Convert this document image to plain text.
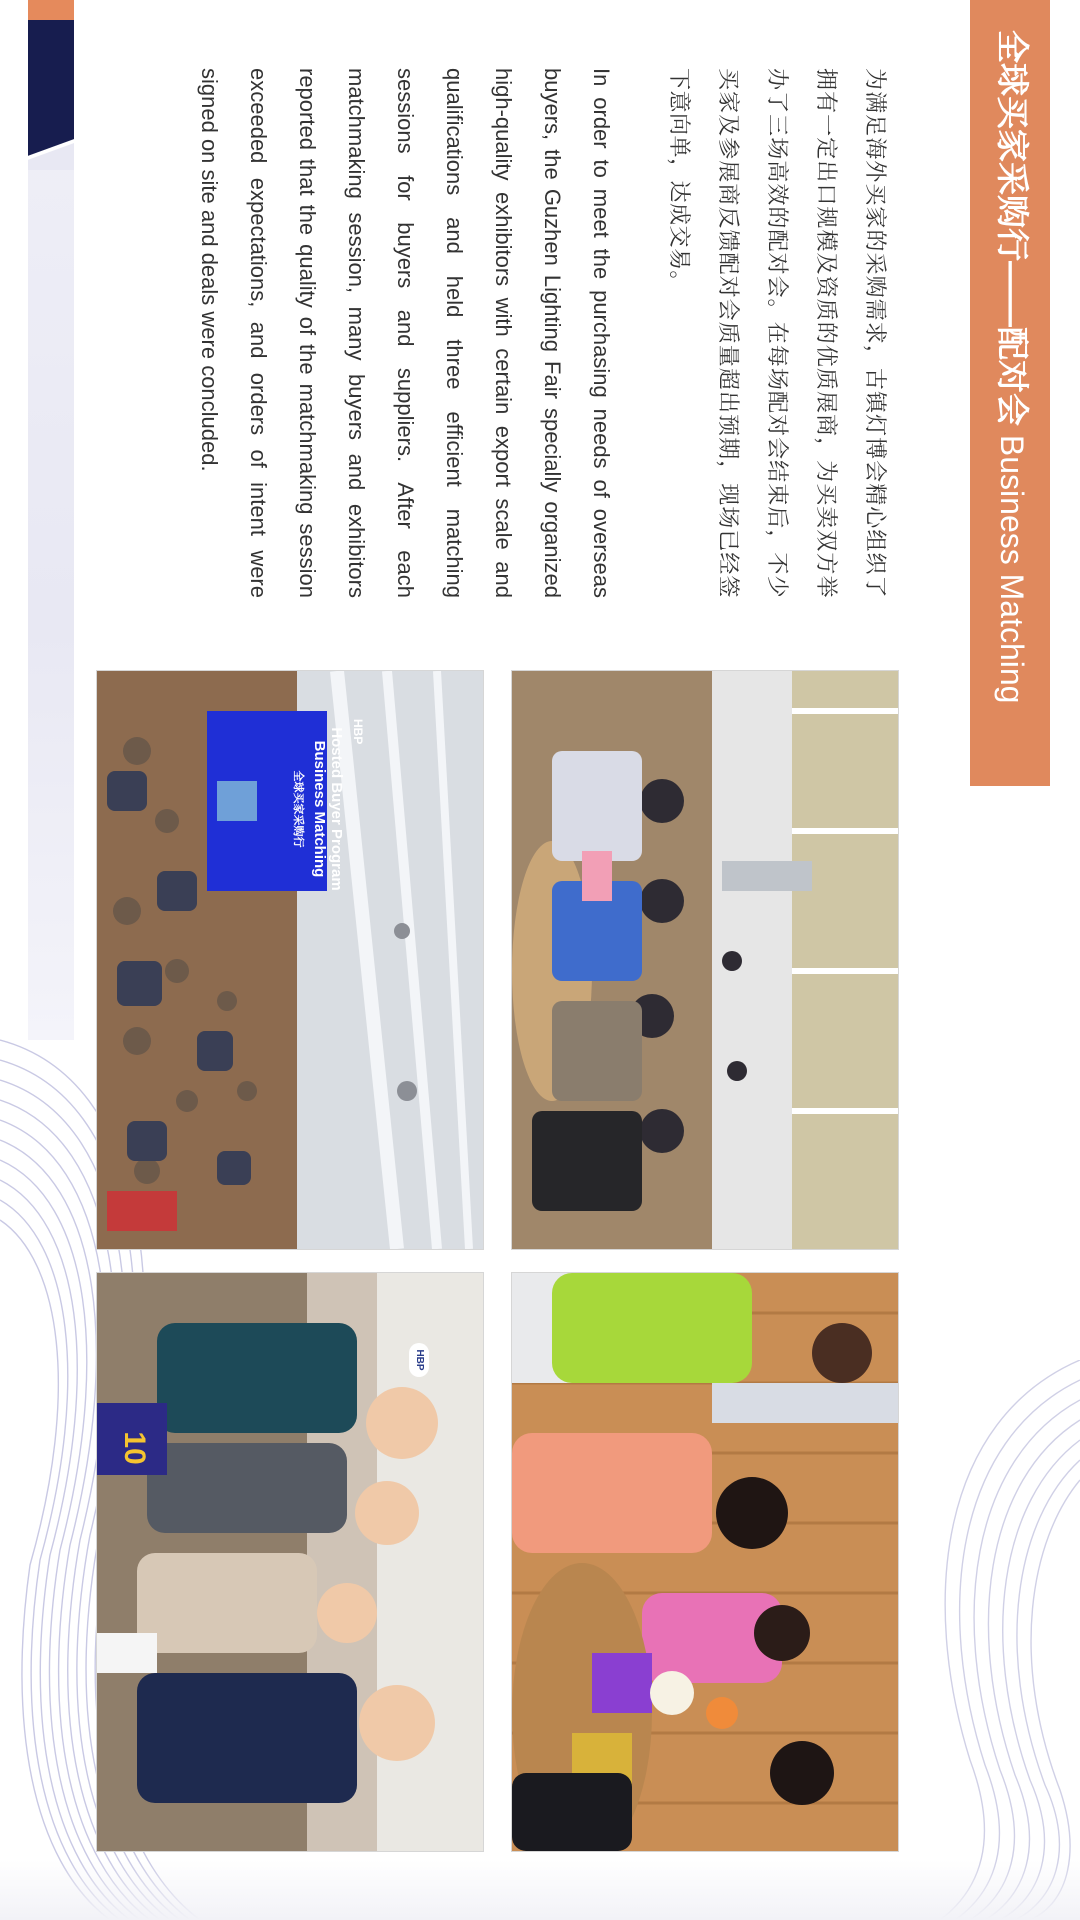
全球买家采购行——配对会 Business Matching

为满足海外买家的采购需求，古镇灯博会精心组织了拥有一定出口规模及资质的优质展商，为买卖双方举办了三场高效的配对会。在每场配对会结束后，不少买家及参展商反馈配对会质量超出预期，现场已经签下意向单，达成交易。

In order to meet the purchasing needs of overseas buyers, the Guzhen Lighting Fair specially organized high-quality exhibitors with certain export scale and qualifications and held three efficient matching sessions for buyers and suppliers. After each matchmaking session, many buyers and exhibitors reported that the quality of the matchmaking session exceeded expectations, and orders of intent were signed on site and deals were concluded.

HBP
Hosted Buyer Program
Business Matching
全球买家采购行
10
HBP
